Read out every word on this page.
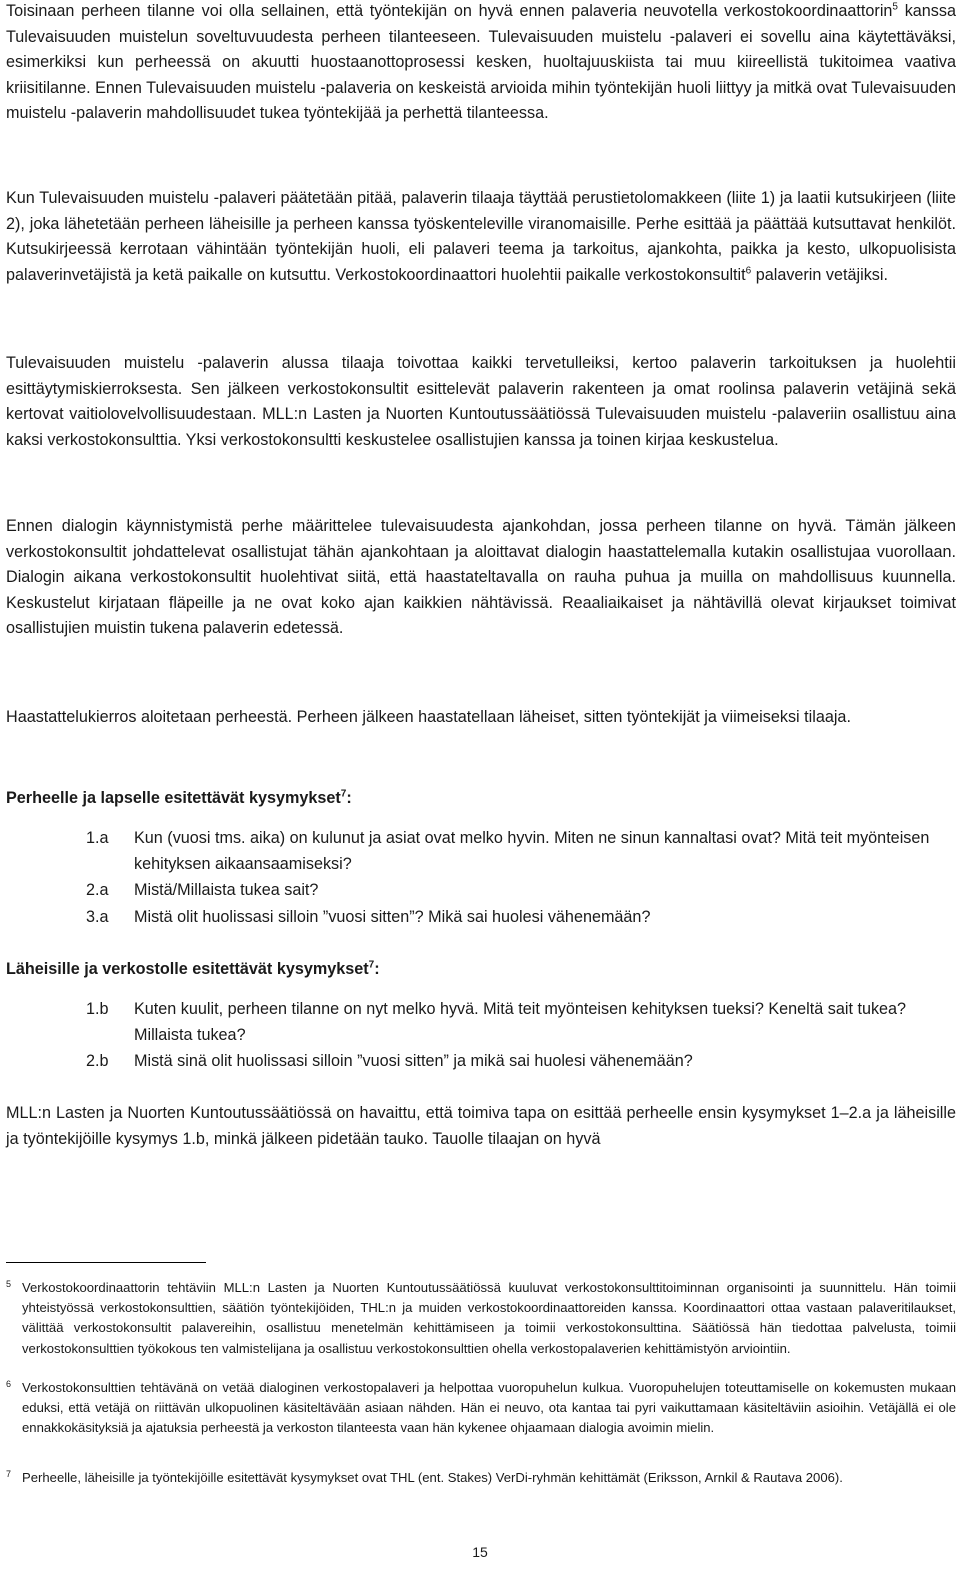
Toisinaan perheen tilanne voi olla sellainen, että työntekijän on hyvä ennen palaveria neuvotella verkostokoordinaattorin$^5$ kanssa Tulevaisuuden muistelun soveltuvuudesta perheen tilanteeseen. Tulevaisuuden muistelu -palaveri ei sovellu aina käytettäväksi, esimerkiksi kun perheessä on akuutti huostaanottoprosessi kesken, huoltajuuskiista tai muu kiireellistä tukitoimea vaativa kriisitilanne. Ennen Tulevaisuuden muistelu -palaveria on keskeistä arvioida mihin työntekijän huoli liittyy ja mitkä ovat Tulevaisuuden muistelu -palaverin mahdollisuudet tukea työntekijää ja perhettä tilanteessa.

Kun Tulevaisuuden muistelu -palaveri päätetään pitää, palaverin tilaaja täyttää perustietolomakkeen (liite 1) ja laatii kutsukirjeen (liite 2), joka lähetetään perheen läheisille ja perheen kanssa työskenteleville viranomaisille. Perhe esittää ja päättää kutsuttavat henkilöt. Kutsukirjeessä kerrotaan vähintään työntekijän huoli, eli palaveri teema ja tarkoitus, ajankohta, paikka ja kesto, ulkopuolisista palaverinvetäjistä ja ketä paikalle on kutsuttu. Verkostokoordinaattori huolehtii paikalle verkostokonsultit$^6$ palaverin vetäjiksi.

Tulevaisuuden muistelu -palaverin alussa tilaaja toivottaa kaikki tervetulleiksi, kertoo palaverin tarkoituksen ja huolehtii esittäytymiskierroksesta. Sen jälkeen verkostokonsultit esittelevät palaverin rakenteen ja omat roolinsa palaverin vetäjinä sekä kertovat vaitiolovelvollisuudestaan. MLL:n Lasten ja Nuorten Kuntoutussäätiössä Tulevaisuuden muistelu -palaveriin osallistuu aina kaksi verkostokonsulttia. Yksi verkostokonsultti keskustelee osallistujien kanssa ja toinen kirjaa keskustelua.

Ennen dialogin käynnistymistä perhe määrittelee tulevaisuudesta ajankohdan, jossa perheen tilanne on hyvä. Tämän jälkeen verkostokonsultit johdattelevat osallistujat tähän ajankohtaan ja aloittavat dialogin haastattelemalla kutakin osallistujaa vuorollaan. Dialogin aikana verkostokonsultit huolehtivat siitä, että haastateltavalla on rauha puhua ja muilla on mahdollisuus kuunnella. Keskustelut kirjataan fläpeille ja ne ovat koko ajan kaikkien nähtävissä. Reaaliaikaiset ja nähtävillä olevat kirjaukset toimivat osallistujien muistin tukena palaverin edetessä.

Haastattelukierros aloitetaan perheestä. Perheen jälkeen haastatellaan läheiset, sitten työntekijät ja viimeiseksi tilaaja.

Perheelle ja lapselle esitettävät kysymykset$^7$:

1.a Kun (vuosi tms. aika) on kulunut ja asiat ovat melko hyvin. Miten ne sinun kannaltasi ovat? Mitä teit myönteisen kehityksen aikaansaamiseksi?
2.a Mistä/Millaista tukea sait?
3.a Mistä olit huolissasi silloin ”vuosi sitten”? Mikä sai huolesi vähenemään?

Läheisille ja verkostolle esitettävät kysymykset$^7$:

1.b Kuten kuulit, perheen tilanne on nyt melko hyvä. Mitä teit myönteisen kehityksen tueksi? Keneltä sait tukea? Millaista tukea?
2.b Mistä sinä olit huolissasi silloin ”vuosi sitten” ja mikä sai huolesi vähenemään?

MLL:n Lasten ja Nuorten Kuntoutussäätiössä on havaittu, että toimiva tapa on esittää perheelle ensin kysymykset 1–2.a ja läheisille ja työntekijöille kysymys 1.b, minkä jälkeen pidetään tauko. Tauolle tilaajan on hyvä

5 Verkostokoordinaattorin tehtäviin MLL:n Lasten ja Nuorten Kuntoutussäätiössä kuuluvat verkostokonsulttitoiminnan organisointi ja suunnittelu. Hän toimii yhteistyössä verkostokonsulttien, säätiön työntekijöiden, THL:n ja muiden verkostokoordinaattoreiden kanssa. Koordinaattori ottaa vastaan palaveritilaukset, välittää verkostokonsultit palavereihin, osallistuu menetelmän kehittämiseen ja toimii verkostokonsulttina. Säätiössä hän tiedottaa palvelusta, toimii verkostokonsulttien työkokous ten valmistelijana ja osallistuu verkostokonsulttien ohella verkostopalaverien kehittämistyön arviointiin.
6 Verkostokonsulttien tehtävänä on vetää dialoginen verkostopalaveri ja helpottaa vuoropuhelun kulkua. Vuoropuhelujen toteuttamiselle on kokemusten mukaan eduksi, että vetäjä on riittävän ulkopuolinen käsiteltävään asiaan nähden. Hän ei neuvo, ota kantaa tai pyri vaikuttamaan käsiteltäviin asioihin. Vetäjällä ei ole ennakkokäsityksiä ja ajatuksia perheestä ja verkoston tilanteesta vaan hän kykenee ohjaamaan dialogia avoimin mielin.
7 Perheelle, läheisille ja työntekijöille esitettävät kysymykset ovat THL (ent. Stakes) VerDi-ryhmän kehittämät (Eriksson, Arnkil & Rautava 2006).
15
